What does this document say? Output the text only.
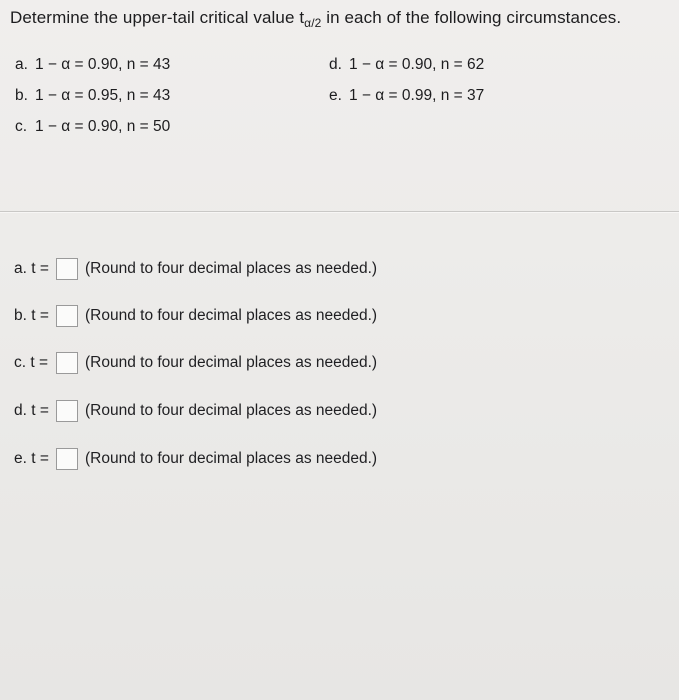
Determine the upper-tail critical value $t_{\alpha/2}$ in each of the following circumstances.
a. 1 − α = 0.90, n = 43
b. 1 − α = 0.95, n = 43
c. 1 − α = 0.90, n = 50
d. 1 − α = 0.90, n = 62
e. 1 − α = 0.99, n = 37
a. t =	(Round to four decimal places as needed.)
b. t =	(Round to four decimal places as needed.)
c. t =	(Round to four decimal places as needed.)
d. t =	(Round to four decimal places as needed.)
e. t =	(Round to four decimal places as needed.)
